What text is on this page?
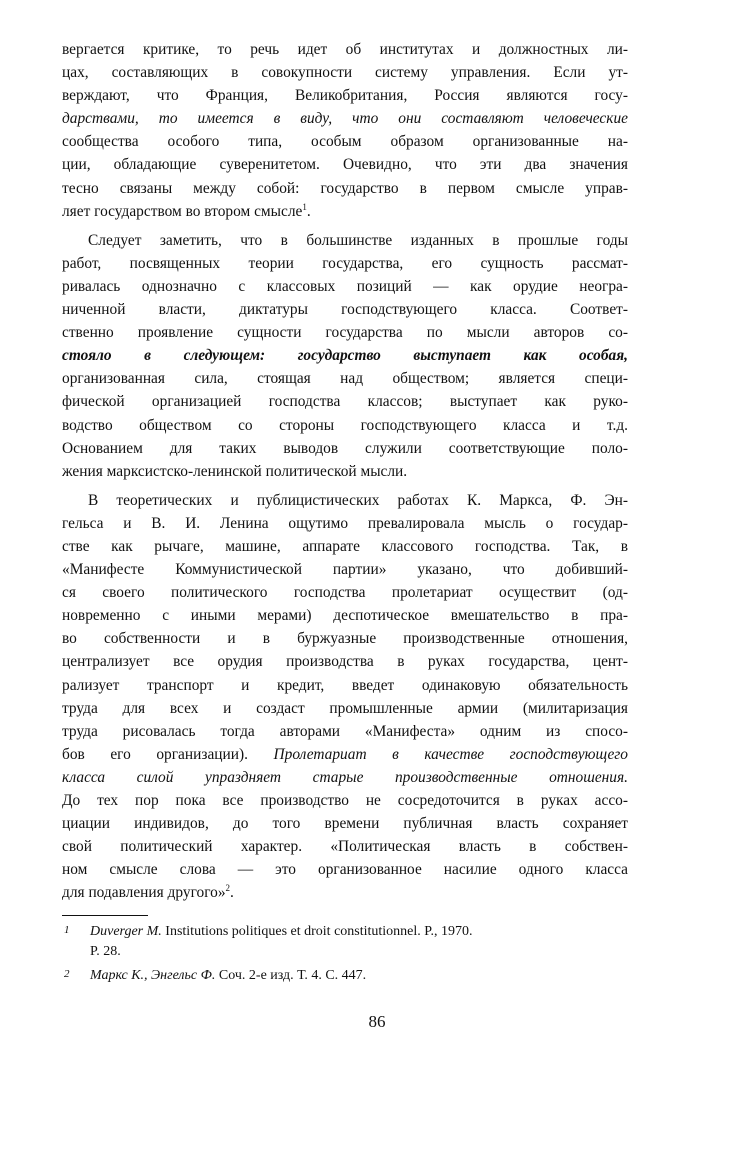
вергается критике, то речь идет об институтах и должностных ли-
цах, составляющих в совокупности систему управления. Если ут-
верждают, что Франция, Великобритания, Россия являются госу-
дарствами, то имеется в виду, что они составляют человеческие
сообщества особого типа, особым образом организованные на-
ции, обладающие суверенитетом. Очевидно, что эти два значения
тесно связаны между собой: государство в первом смысле управ-
ляет государством во втором смысле$^1$.
Следует заметить, что в большинстве изданных в прошлые годы
работ, посвященных теории государства, его сущность рассмат-
ривалась однозначно с классовых позиций — как орудие неогра-
ниченной власти, диктатуры господствующего класса. Соответ-
ственно проявление сущности государства по мысли авторов со-
стояло в следующем: государство выступает как особая,
организованная сила, стоящая над обществом; является специ-
фической организацией господства классов; выступает как руко-
водство обществом со стороны господствующего класса и т.д.
Основанием для таких выводов служили соответствующие поло-
жения марксистско-ленинской политической мысли.
В теоретических и публицистических работах К. Маркса, Ф. Эн-
гельса и В. И. Ленина ощутимо превалировала мысль о государ-
стве как рычаге, машине, аппарате классового господства. Так, в
«Манифесте Коммунистической партии» указано, что добивший-
ся своего политического господства пролетариат осуществит (од-
новременно с иными мерами) деспотическое вмешательство в пра-
во собственности и в буржуазные производственные отношения,
централизует все орудия производства в руках государства, цент-
рализует транспорт и кредит, введет одинаковую обязательность
труда для всех и создаст промышленные армии (милитаризация
труда рисовалась тогда авторами «Манифеста» одним из спосо-
бов его организации). Пролетариат в качестве господствующего
класса силой упраздняет старые производственные отношения.
До тех пор пока все производство не сосредоточится в руках ассо-
циации индивидов, до того времени публичная власть сохраняет
свой политический характер. «Политическая власть в собствен-
ном смысле слова — это организованное насилие одного класса
для подавления другого»$^2$.
1 Duverger M. Institutions politiques et droit constitutionnel. P., 1970.
P. 28.
2 Маркс К., Энгельс Ф. Соч. 2-е изд. Т. 4. С. 447.
86
